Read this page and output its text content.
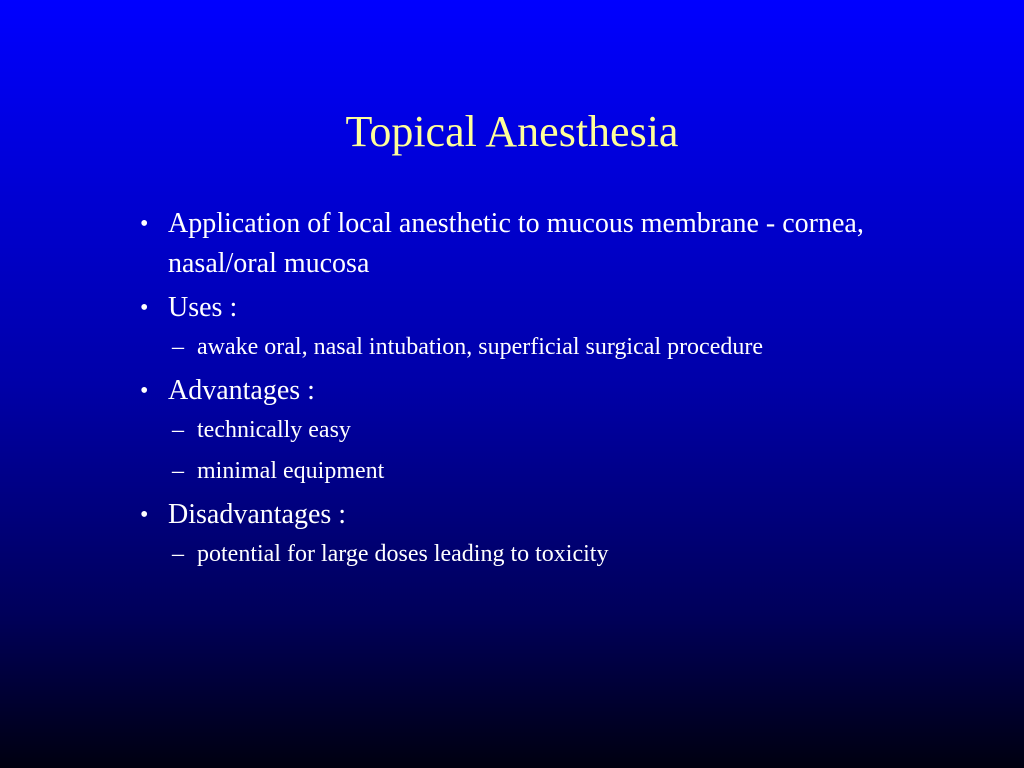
Topical Anesthesia
• Application of local anesthetic to mucous membrane - cornea, nasal/oral mucosa
• Uses :
– awake oral, nasal intubation, superficial surgical procedure
• Advantages :
– technically easy
– minimal equipment
• Disadvantages :
– potential for large doses leading to toxicity
